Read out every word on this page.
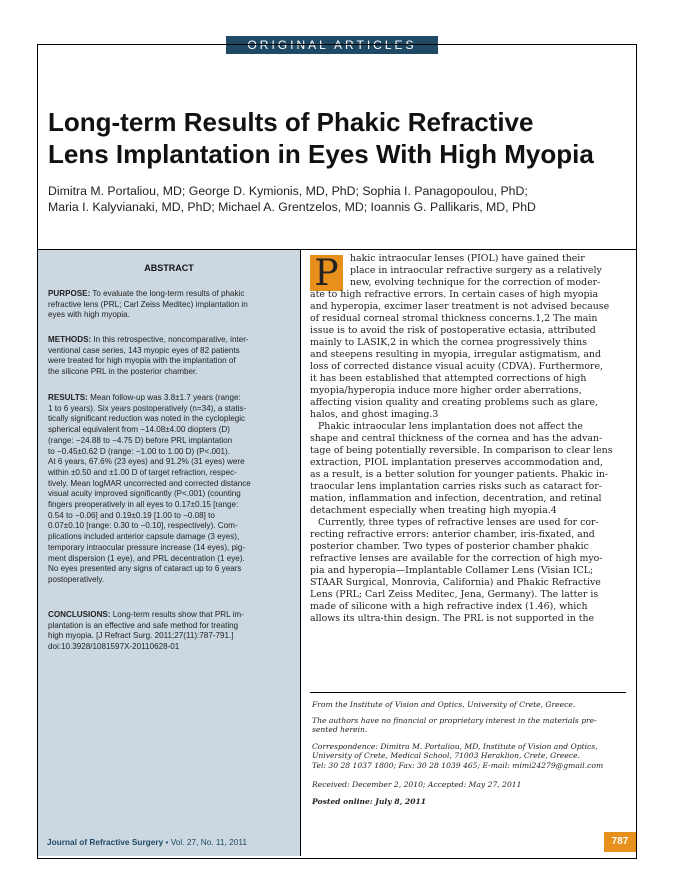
ORIGINAL ARTICLES
Long-term Results of Phakic Refractive
Lens Implantation in Eyes With High Myopia
Dimitra M. Portaliou, MD; George D. Kymionis, MD, PhD; Sophia I. Panagopoulou, PhD;
Maria I. Kalyvianaki, MD, PhD; Michael A. Grentzelos, MD; Ioannis G. Pallikaris, MD, PhD
ABSTRACT
PURPOSE: To evaluate the long-term results of phakic
refractive lens (PRL; Carl Zeiss Meditec) implantation in
eyes with high myopia.
METHODS: In this retrospective, noncomparative, inter-
ventional case series, 143 myopic eyes of 82 patients
were treated for high myopia with the implantation of
the silicone PRL in the posterior chamber.
RESULTS: Mean follow-up was 3.8±1.7 years (range:
1 to 6 years). Six years postoperatively (n=34), a statis-
tically significant reduction was noted in the cycloplegic
spherical equivalent from −14.08±4.00 diopters (D)
(range: −24.88 to −4.75 D) before PRL implantation
to −0.45±0.62 D (range: −1.00 to 1.00 D) (P<.001).
At 6 years, 67.6% (23 eyes) and 91.2% (31 eyes) were
within ±0.50 and ±1.00 D of target refraction, respec-
tively. Mean logMAR uncorrected and corrected distance
visual acuity improved significantly (P<.001) (counting
fingers preoperatively in all eyes to 0.17±0.15 [range:
0.54 to −0.06] and 0.19±0.19 [1.00 to −0.08] to
0.07±0.10 [range: 0.30 to −0.10], respectively). Com-
plications included anterior capsule damage (3 eyes),
temporary intraocular pressure increase (14 eyes), pig-
ment dispersion (1 eye), and PRL decentration (1 eye).
No eyes presented any signs of cataract up to 6 years
postoperatively.
CONCLUSIONS: Long-term results show that PRL im-
plantation is an effective and safe method for treating
high myopia. [J Refract Surg. 2011;27(11):787-791.]
doi:10.3928/1081597X-20110628-01
P	hakic intraocular lenses (PIOL) have gained their
place in intraocular refractive surgery as a relatively
new, evolving technique for the correction of moder-
ate to high refractive errors. In certain cases of high myopia
and hyperopia, excimer laser treatment is not advised because
of residual corneal stromal thickness concerns.1,2 The main
issue is to avoid the risk of postoperative ectasia, attributed
mainly to LASIK,2 in which the cornea progressively thins
and steepens resulting in myopia, irregular astigmatism, and
loss of corrected distance visual acuity (CDVA). Furthermore,
it has been established that attempted corrections of high
myopia/hyperopia induce more higher order aberrations,
affecting vision quality and creating problems such as glare,
halos, and ghost imaging.3
Phakic intraocular lens implantation does not affect the
shape and central thickness of the cornea and has the advan-
tage of being potentially reversible. In comparison to clear lens
extraction, PIOL implantation preserves accommodation and,
as a result, is a better solution for younger patients. Phakic in-
traocular lens implantation carries risks such as cataract for-
mation, inflammation and infection, decentration, and retinal
detachment especially when treating high myopia.4
Currently, three types of refractive lenses are used for cor-
recting refractive errors: anterior chamber, iris-fixated, and
posterior chamber. Two types of posterior chamber phakic
refractive lenses are available for the correction of high myo-
pia and hyperopia—Implantable Collamer Lens (Visian ICL;
STAAR Surgical, Monrovia, California) and Phakic Refractive
Lens (PRL; Carl Zeiss Meditec, Jena, Germany). The latter is
made of silicone with a high refractive index (1.46), which
allows its ultra-thin design. The PRL is not supported in the
From the Institute of Vision and Optics, University of Crete, Greece.
The authors have no financial or proprietary interest in the materials pre-
sented herein.
Correspondence: Dimitra M. Portaliou, MD, Institute of Vision and Optics,
University of Crete, Medical School, 71003 Heraklion, Crete, Greece.
Tel: 30 28 1037 1800; Fax: 30 28 1039 465; E-mail: mimi24279@gmail.com
Received: December 2, 2010; Accepted: May 27, 2011
Posted online: July 8, 2011
Journal of Refractive Surgery • Vol. 27, No. 11, 2011	787
